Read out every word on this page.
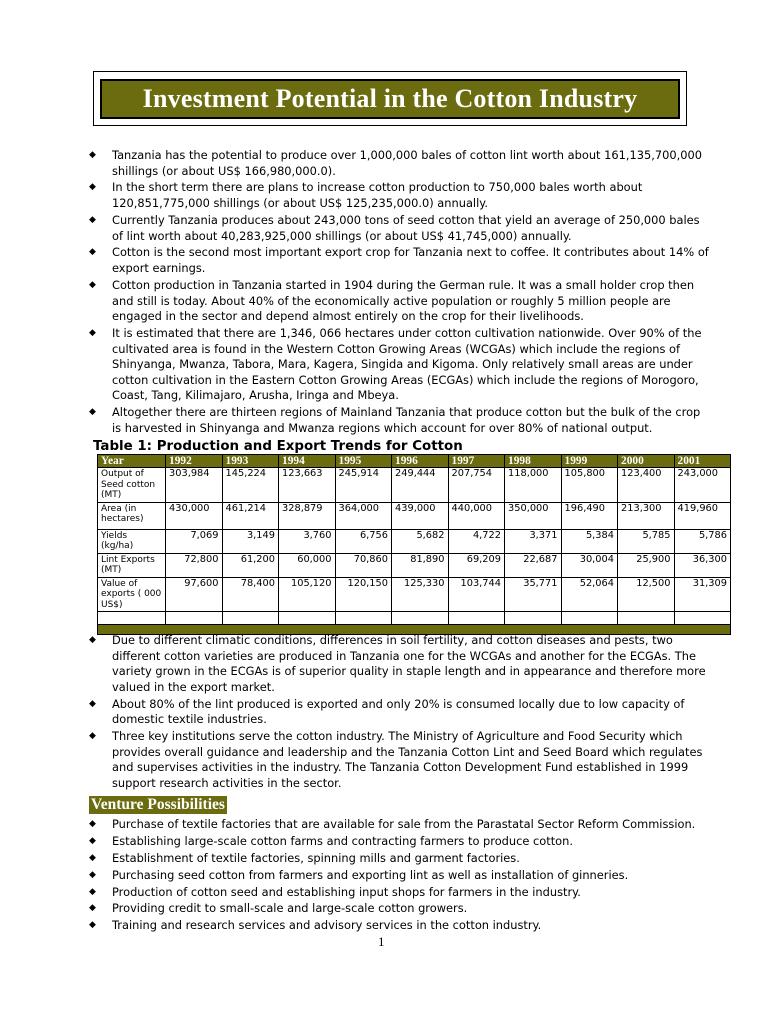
Investment Potential in the Cotton Industry
◆ Tanzania has the potential to produce over 1,000,000 bales of cotton lint worth about 161,135,700,000 shillings (or about US$ 166,980,000.0).
◆ In the short term there are plans to increase cotton production to 750,000 bales worth about 120,851,775,000 shillings (or about US$ 125,235,000.0) annually.
◆ Currently Tanzania produces about 243,000 tons of seed cotton that yield an average of 250,000 bales of lint worth about 40,283,925,000 shillings (or about US$ 41,745,000) annually.
◆ Cotton is the second most important export crop for Tanzania next to coffee. It contributes about 14% of export earnings.
◆ Cotton production in Tanzania started in 1904 during the German rule. It was a small holder crop then and still is today. About 40% of the economically active population or roughly 5 million people are engaged in the sector and depend almost entirely on the crop for their livelihoods.
◆ It is estimated that there are 1,346, 066 hectares under cotton cultivation nationwide. Over 90% of the cultivated area is found in the Western Cotton Growing Areas (WCGAs) which include the regions of Shinyanga, Mwanza, Tabora, Mara, Kagera, Singida and Kigoma. Only relatively small areas are under cotton cultivation in the Eastern Cotton Growing Areas (ECGAs) which include the regions of Morogoro, Coast, Tang, Kilimajaro, Arusha, Iringa and Mbeya.
◆ Altogether there are thirteen regions of Mainland Tanzania that produce cotton but the bulk of the crop is harvested in Shinyanga and Mwanza regions which account for over 80% of national output.
Table 1: Production and Export Trends for Cotton
Year	1992	1993	1994	1995	1996	1997	1998	1999	2000	2001
Output of Seed cotton (MT)	303,984	145,224	123,663	245,914	249,444	207,754	118,000	105,800	123,400	243,000
Area (in hectares)	430,000	461,214	328,879	364,000	439,000	440,000	350,000	196,490	213,300	419,960
Yields (kg/ha)	7,069	3,149	3,760	6,756	5,682	4,722	3,371	5,384	5,785	5,786
Lint Exports (MT)	72,800	61,200	60,000	70,860	81,890	69,209	22,687	30,004	25,900	36,300
Value of exports ( 000 US$)	97,600	78,400	105,120	120,150	125,330	103,744	35,771	52,064	12,500	31,309

◆ Due to different climatic conditions, differences in soil fertility, and cotton diseases and pests, two different cotton varieties are produced in Tanzania one for the WCGAs and another for the ECGAs. The variety grown in the ECGAs is of superior quality in staple length and in appearance and therefore more valued in the export market.
◆ About 80% of the lint produced is exported and only 20% is consumed locally due to low capacity of domestic textile industries.
◆ Three key institutions serve the cotton industry. The Ministry of Agriculture and Food Security which provides overall guidance and leadership and the Tanzania Cotton Lint and Seed Board which regulates and supervises activities in the industry. The Tanzania Cotton Development Fund established in 1999 support research activities in the sector.
Venture Possibilities
◆ Purchase of textile factories that are available for sale from the Parastatal Sector Reform Commission.
◆ Establishing large-scale cotton farms and contracting farmers to produce cotton.
◆ Establishment of textile factories, spinning mills and garment factories.
◆ Purchasing seed cotton from farmers and exporting lint as well as installation of ginneries.
◆ Production of cotton seed and establishing input shops for farmers in the industry.
◆ Providing credit to small-scale and large-scale cotton growers.
◆ Training and research services and advisory services in the cotton industry.
1
